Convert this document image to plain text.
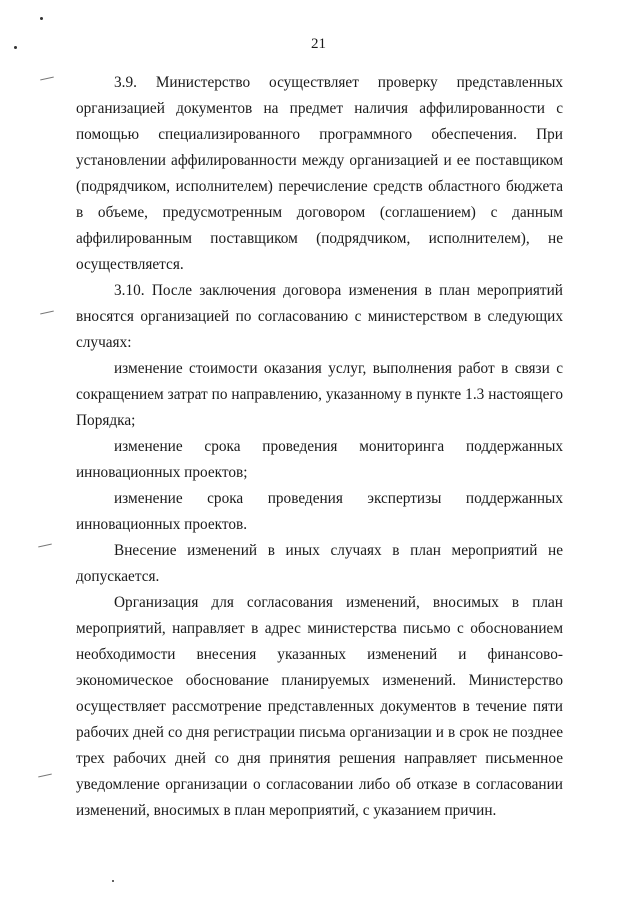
21

3.9. Министерство осуществляет проверку представленных организацией документов на предмет наличия аффилированности с помощью специализированного программного обеспечения. При установлении аффилированности между организацией и ее поставщиком (подрядчиком, исполнителем) перечисление средств областного бюджета в объеме, предусмотренным договором (соглашением) с данным аффилированным поставщиком (подрядчиком, исполнителем), не осуществляется.

3.10. После заключения договора изменения в план мероприятий вносятся организацией по согласованию с министерством в следующих случаях:

изменение стоимости оказания услуг, выполнения работ в связи с сокращением затрат по направлению, указанному в пункте 1.3 настоящего Порядка;

изменение срока проведения мониторинга поддержанных инновационных проектов;

изменение срока проведения экспертизы поддержанных инновационных проектов.

Внесение изменений в иных случаях в план мероприятий не допускается.

Организация для согласования изменений, вносимых в план мероприятий, направляет в адрес министерства письмо с обоснованием необходимости внесения указанных изменений и финансово-экономическое обоснование планируемых изменений. Министерство осуществляет рассмотрение представленных документов в течение пяти рабочих дней со дня регистрации письма организации и в срок не позднее трех рабочих дней со дня принятия решения направляет письменное уведомление организации о согласовании либо об отказе в согласовании изменений, вносимых в план мероприятий, с указанием причин.
